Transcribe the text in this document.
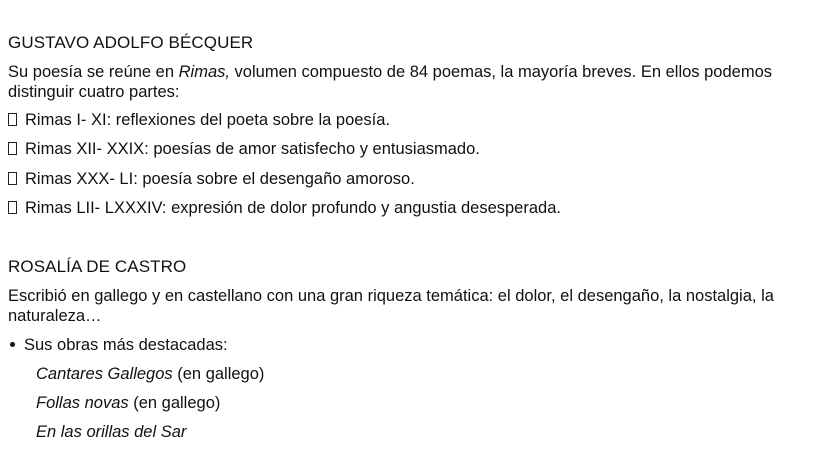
GUSTAVO ADOLFO BÉCQUER
Su poesía se reúne en Rimas, volumen compuesto de 84 poemas, la mayoría breves. En ellos podemos distinguir cuatro partes:
Rimas I- XI: reflexiones del poeta sobre la poesía.
Rimas XII- XXIX: poesías de amor satisfecho y entusiasmado.
Rimas XXX- LI: poesía sobre el desengaño amoroso.
Rimas LII- LXXXIV: expresión de dolor profundo y angustia desesperada.
ROSALÍA DE CASTRO
Escribió en gallego y en castellano con una gran riqueza temática: el dolor, el desengaño, la nostalgia, la naturaleza…
Sus obras más destacadas:
Cantares Gallegos (en gallego)
Follas novas (en gallego)
En las orillas del Sar
